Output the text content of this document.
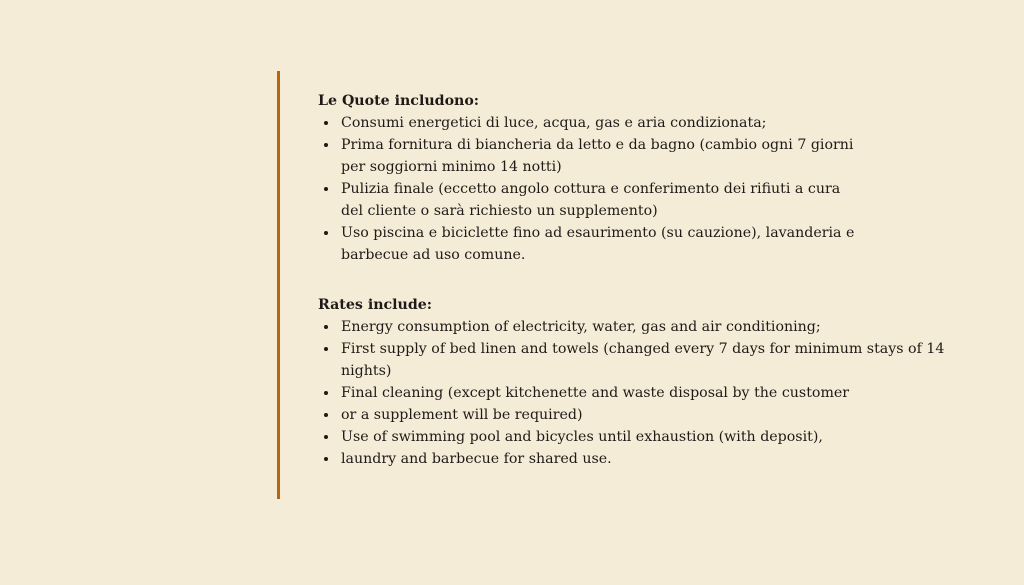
Le Quote includono:

Consumi energetici di luce, acqua, gas e aria condizionata;
Prima fornitura di biancheria da letto e da bagno (cambio ogni 7 giorni per soggiorni minimo 14 notti)
Pulizia finale (eccetto angolo cottura e conferimento dei rifiuti a cura del cliente o sarà richiesto un supplemento)
Uso piscina e biciclette fino ad esaurimento (su cauzione), lavanderia e barbecue ad uso comune.

Rates include:

Energy consumption of electricity, water, gas and air conditioning;
First supply of bed linen and towels (changed every 7 days for minimum stays of 14 nights)
Final cleaning (except kitchenette and waste disposal by the customer
or a supplement will be required)
Use of swimming pool and bicycles until exhaustion (with deposit),
laundry and barbecue for shared use.
